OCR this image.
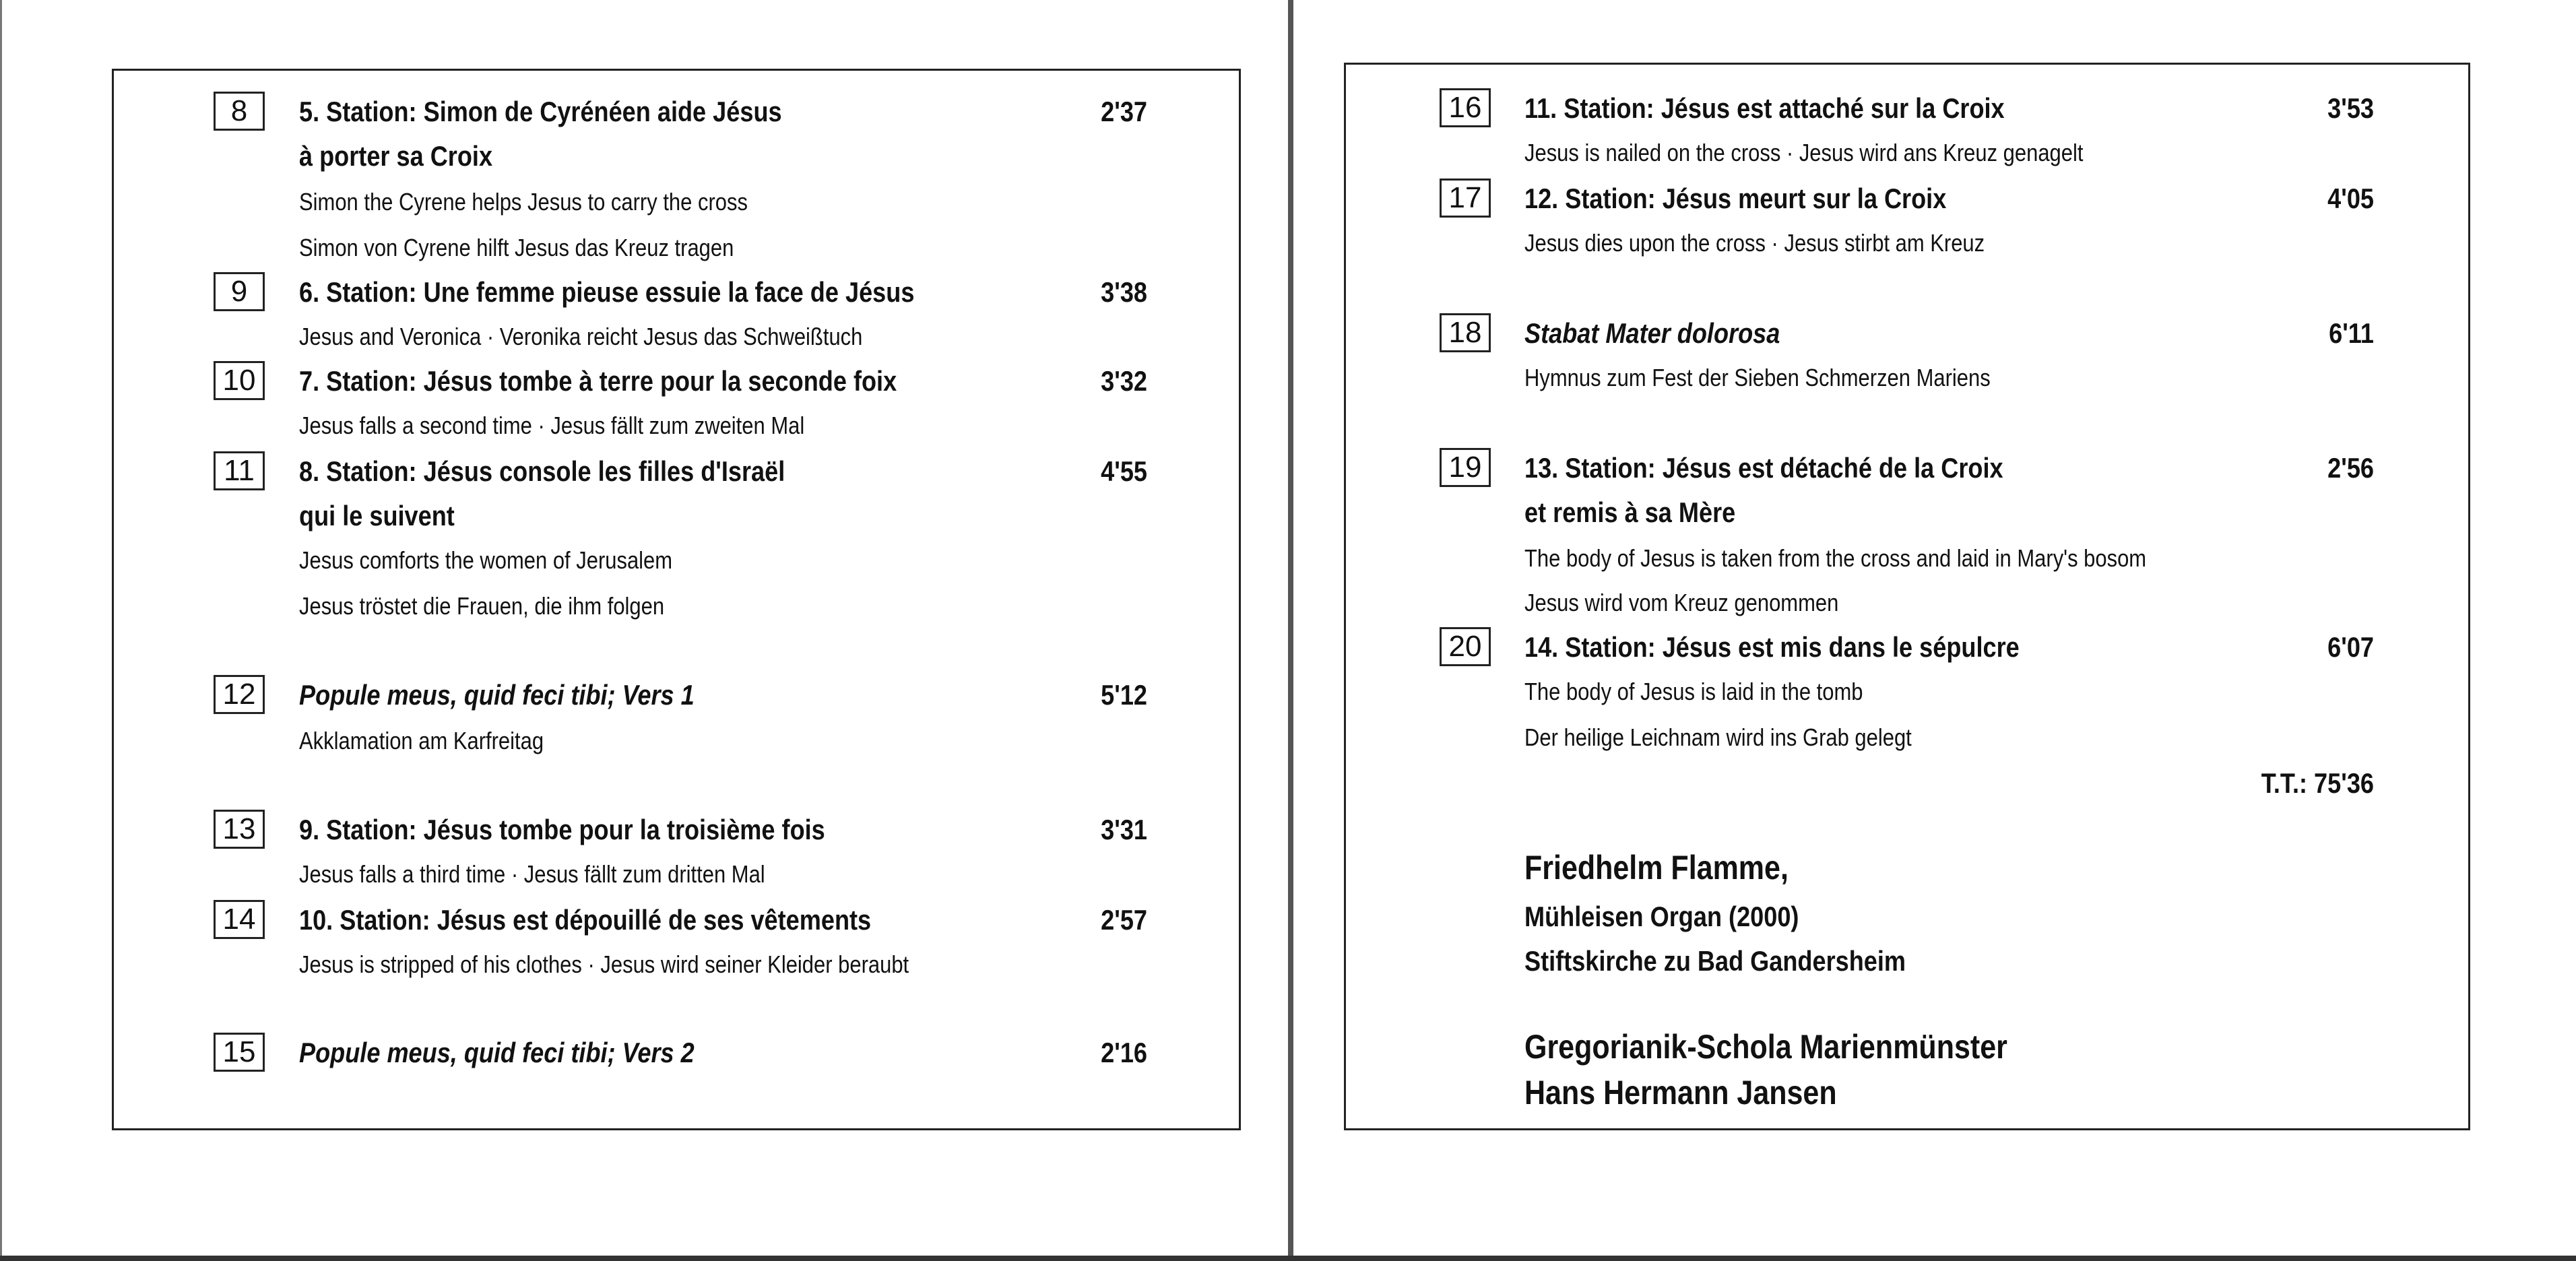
8	5. Station: Simon de Cyrénéen aide Jésus	2'37
à porter sa Croix
Simon the Cyrene helps Jesus to carry the cross
Simon von Cyrene hilft Jesus das Kreuz tragen
9	6. Station: Une femme pieuse essuie la face de Jésus	3'38
Jesus and Veronica · Veronika reicht Jesus das Schweißtuch
10	7. Station: Jésus tombe à terre pour la seconde foix	3'32
Jesus falls a second time · Jesus fällt zum zweiten Mal
11	8. Station: Jésus console les filles d'Israël	4'55
qui le suivent
Jesus comforts the women of Jerusalem
Jesus tröstet die Frauen, die ihm folgen
12	Populе meus, quid feci tibi; Vers 1	5'12
Akklamation am Karfreitag
13	9. Station: Jésus tombe pour la troisième fois	3'31
Jesus falls a third time · Jesus fällt zum dritten Mal
14	10. Station: Jésus est dépouillé de ses vêtements	2'57
Jesus is stripped of his clothes · Jesus wird seiner Kleider beraubt
15	Popule meus, quid feci tibi; Vers 2	2'16
16	11. Station: Jésus est attaché sur la Croix	3'53
Jesus is nailed on the cross · Jesus wird ans Kreuz genagelt
17	12. Station: Jésus meurt sur la Croix	4'05
Jesus dies upon the cross · Jesus stirbt am Kreuz
18	Stabat Mater dolorosa	6'11
Hymnus zum Fest der Sieben Schmerzen Mariens
19	13. Station: Jésus est détaché de la Croix	2'56
et remis à sa Mère
The body of Jesus is taken from the cross and laid in Mary's bosom
Jesus wird vom Kreuz genommen
20	14. Station: Jésus est mis dans le sépulcre	6'07
The body of Jesus is laid in the tomb
Der heilige Leichnam wird ins Grab gelegt
T.T.: 75'36
Friedhelm Flamme,
Mühleisen Organ (2000)
Stiftskirche zu Bad Gandersheim
Gregorianik-Schola Marienmünster
Hans Hermann Jansen
